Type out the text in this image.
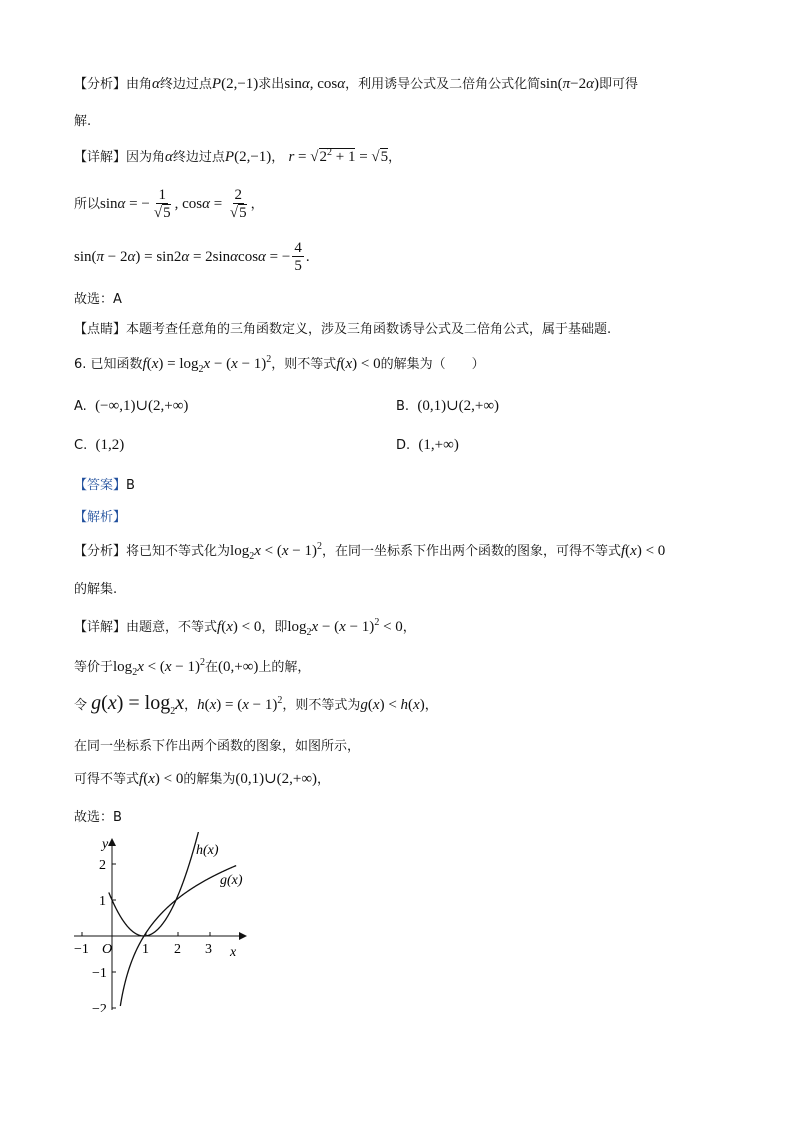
【分析】由角α终边过点P(2,−1)求出sinα, cosα，利用诱导公式及二倍角公式化简sin(π−2α)即可得
解.
【详解】因为角α终边过点P(2,−1)， $r = √2^2 + 1 = √5$，
所以sinα = − $\frac{1}{√5}$ , $\cos\alpha = \frac{2}{√5}$ ，
sin(π − 2α) = sin2α = 2sinαcosα = − $\frac{4}{5}$ .
故选：A
【点睛】本题考查任意角的三角函数定义，涉及三角函数诱导公式及二倍角公式，属于基础题.
6. 已知函数$f(x) = \log_2x - (x - 1)^2$，则不等式f(x) < 0的解集为（　　）
A. (−∞,1)∪(2,+∞)	B. (0,1)∪(2,+∞)
C. (1,2)	D. (1,+∞)
【答案】B
【解析】
【分析】将已知不等式化为$\log_2x < (x - 1)^2$，在同一坐标系下作出两个函数的图象，可得不等式f(x) < 0
的解集.
【详解】由题意，不等式f(x) < 0，即$\log_2x - (x - 1)^2 < 0$，
等价于$\log_2x < (x - 1)^2$在(0,+∞)上的解，
令 $g(x) = \log_2x$，$h(x) = (x - 1)^2$，则不等式为g(x) < h(x)，
在同一坐标系下作出两个函数的图象，如图所示，
可得不等式f(x) < 0的解集为(0,1)∪(2,+∞)，
故选：B
y
x
O
−1	1 2 3
2
1
−1
−2
h(x)
g(x)
